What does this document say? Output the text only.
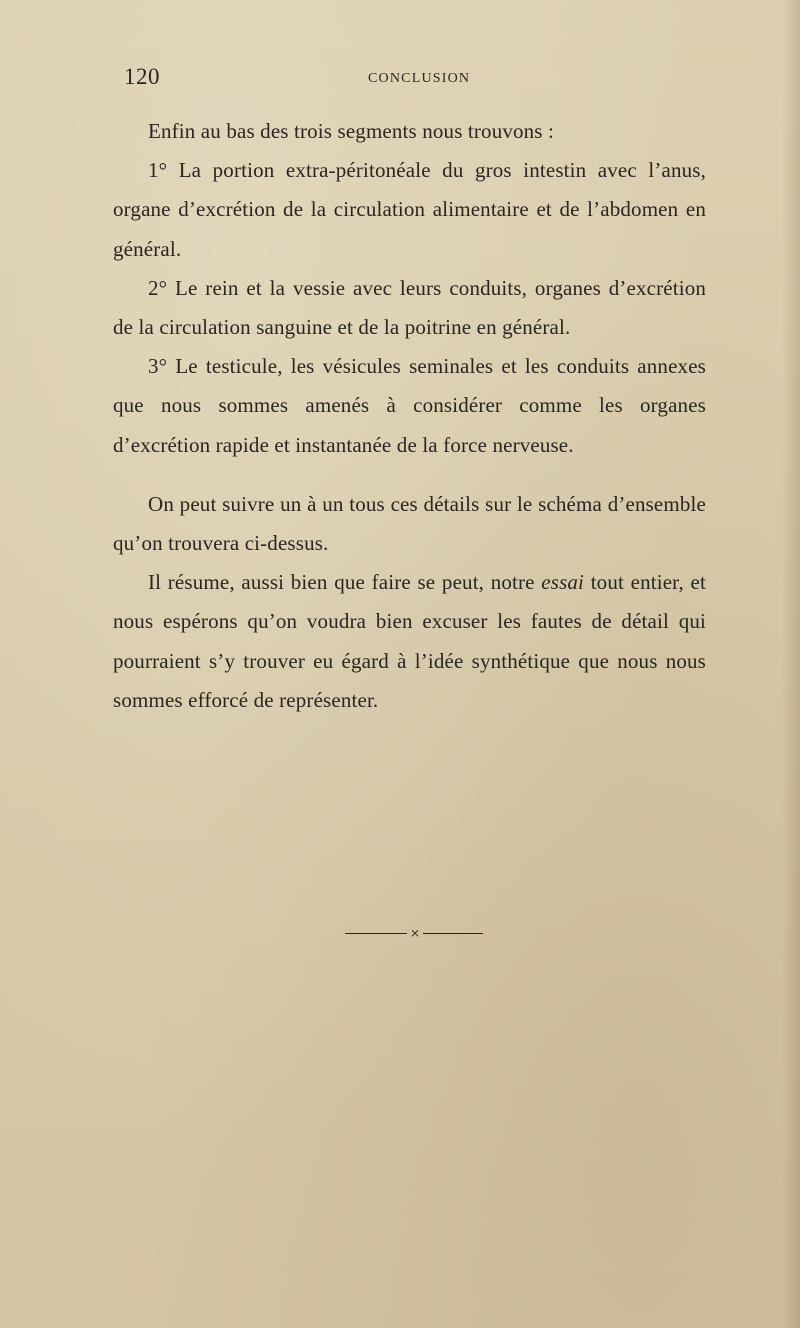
120	CONCLUSION

Enfin au bas des trois segments nous trouvons :

1° La portion extra-péritonéale du gros intestin avec l’anus, organe d’excrétion de la circulation alimentaire et de l’abdomen en général.

2° Le rein et la vessie avec leurs conduits, organes d’excrétion de la circulation sanguine et de la poitrine en général.

3° Le testicule, les vésicules seminales et les conduits annexes que nous sommes amenés à considérer comme les organes d’excrétion rapide et instantanée de la force nerveuse.

On peut suivre un à un tous ces détails sur le schéma d’ensemble qu’on trouvera ci-dessus.

Il résume, aussi bien que faire se peut, notre essai tout entier, et nous espérons qu’on voudra bien excuser les fautes de détail qui pourraient s’y trouver eu égard à l’idée synthétique que nous nous sommes efforcé de représenter.

⨯
